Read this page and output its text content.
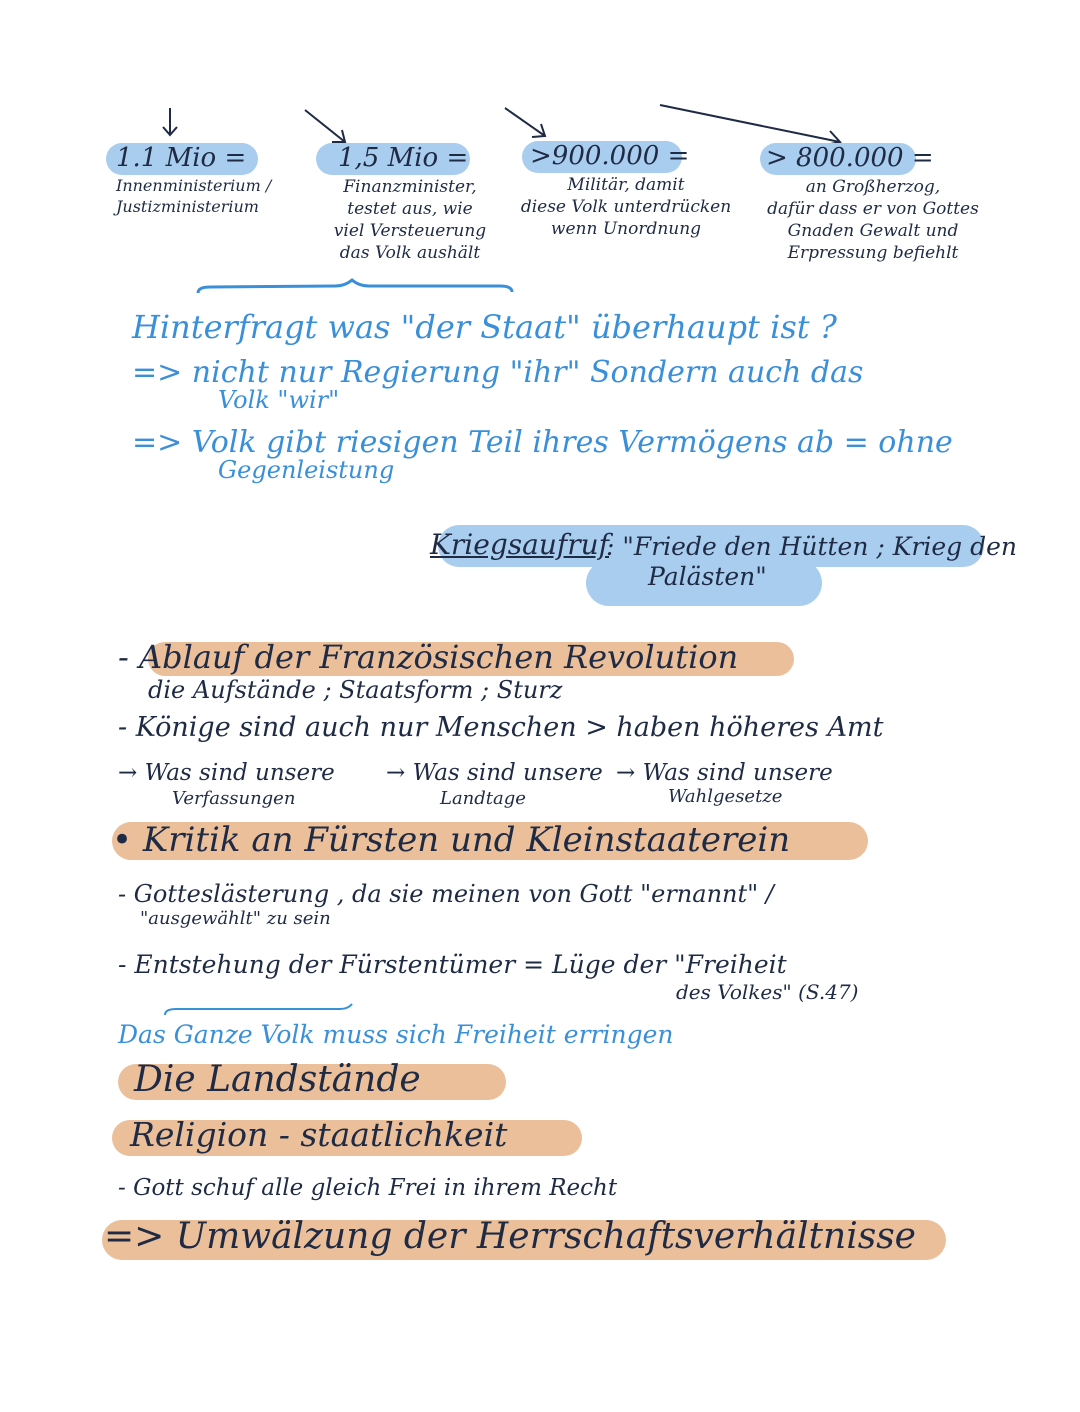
1.1 Mio =
Innenministerium /
Justizministerium
1,5 Mio =
Finanzminister,
testet aus, wie
viel Versteuerung
das Volk aushält
>900.000 =
Militär, damit
diese Volk unterdrücken
wenn Unordnung
> 800.000 =
an Großherzog,
dafür dass er von Gottes
Gnaden Gewalt und
Erpressung befiehlt
Hinterfragt was "der Staat" überhaupt ist ?
=> nicht nur Regierung "ihr" Sondern auch das
Volk "wir"
=> Volk gibt riesigen Teil ihres Vermögens ab = ohne
Gegenleistung
Kriegsaufruf
: "Friede den Hütten ; Krieg den
Palästen"
- Ablauf der Französischen Revolution
die Aufstände ; Staatsform ; Sturz
- Könige sind auch nur Menschen > haben höheres Amt
→ Was sind unsere
Verfassungen
→ Was sind unsere
Landtage
→ Was sind unsere
Wahlgesetze
• Kritik an Fürsten und Kleinstaaterein
- Gotteslästerung , da sie meinen von Gott "ernannt" /
"ausgewählt" zu sein
- Entstehung der Fürstentümer = Lüge der "Freiheit
des Volkes" (S.47)
Das Ganze Volk muss sich Freiheit erringen
Die Landstände
Religion - staatlichkeit
- Gott schuf alle gleich Frei in ihrem Recht
=> Umwälzung der Herrschaftsverhältnisse
